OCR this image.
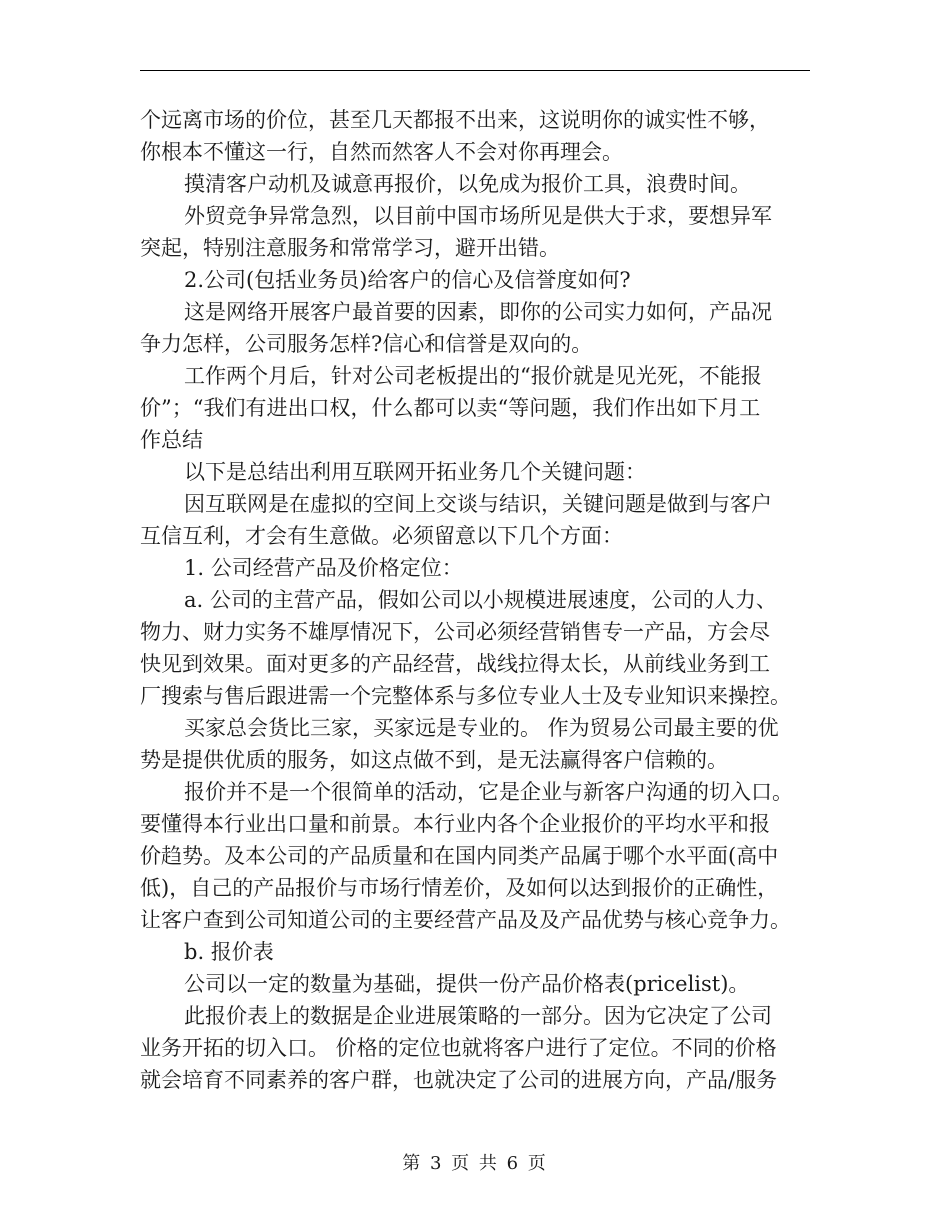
个远离市场的价位，甚至几天都报不出来，这说明你的诚实性不够，

你根本不懂这一行，自然而然客人不会对你再理会。

摸清客户动机及诚意再报价，以免成为报价工具，浪费时间。

外贸竞争异常急烈，以目前中国市场所见是供大于求，要想异军

突起，特别注意服务和常常学习，避开出错。

2.公司(包括业务员)给客户的信心及信誉度如何?

这是网络开展客户最首要的因素，即你的公司实力如何，产品况

争力怎样，公司服务怎样?信心和信誉是双向的。

工作两个月后，针对公司老板提出的“报价就是见光死，不能报

价”；“我们有进出口权，什么都可以卖“等问题，我们作出如下月工

作总结

以下是总结出利用互联网开拓业务几个关键问题：

因互联网是在虚拟的空间上交谈与结识，关键问题是做到与客户

互信互利，才会有生意做。必须留意以下几个方面：

1. 公司经营产品及价格定位：

a. 公司的主营产品，假如公司以小规模进展速度，公司的人力、

物力、财力实务不雄厚情况下，公司必须经营销售专一产品，方会尽

快见到效果。面对更多的产品经营，战线拉得太长，从前线业务到工

厂搜索与售后跟进需一个完整体系与多位专业人士及专业知识来操控。

买家总会货比三家，买家远是专业的。 作为贸易公司最主要的优

势是提供优质的服务，如这点做不到，是无法赢得客户信赖的。

报价并不是一个很简单的活动，它是企业与新客户沟通的切入口。

要懂得本行业出口量和前景。本行业内各个企业报价的平均水平和报

价趋势。及本公司的产品质量和在国内同类产品属于哪个水平面(高中

低)，自己的产品报价与市场行情差价，及如何以达到报价的正确性，

让客户查到公司知道公司的主要经营产品及及产品优势与核心竞争力。

b. 报价表

公司以一定的数量为基础，提供一份产品价格表(pricelist)。

此报价表上的数据是企业进展策略的一部分。因为它决定了公司

业务开拓的切入口。 价格的定位也就将客户进行了定位。不同的价格

就会培育不同素养的客户群，也就决定了公司的进展方向，产品/服务

第 3 页 共 6 页
